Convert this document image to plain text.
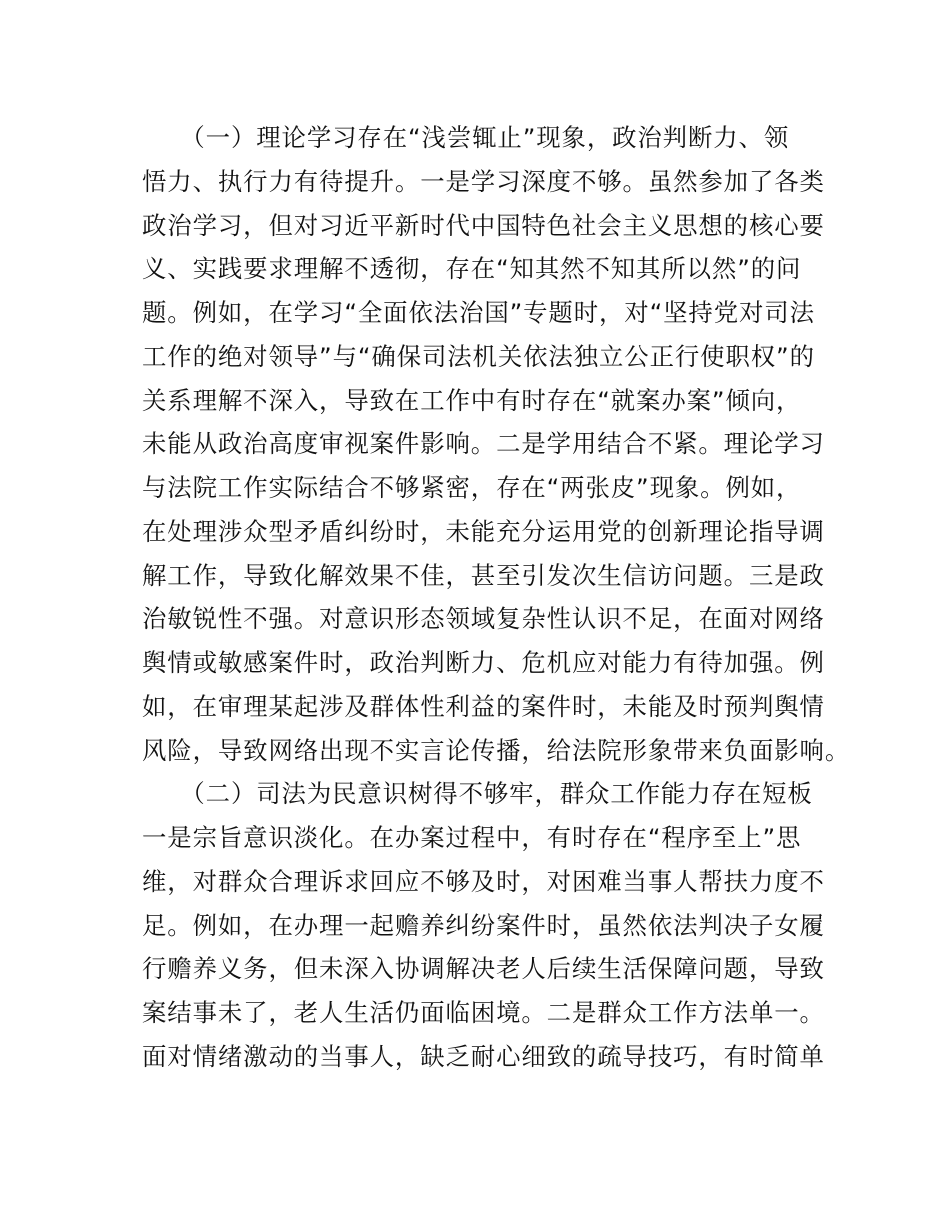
　　（一）理论学习存在“浅尝辄止”现象，政治判断力、领
悟力、执行力有待提升。一是学习深度不够。虽然参加了各类
政治学习，但对习近平新时代中国特色社会主义思想的核心要
义、实践要求理解不透彻，存在“知其然不知其所以然”的问
题。例如，在学习“全面依法治国”专题时，对“坚持党对司法
工作的绝对领导”与“确保司法机关依法独立公正行使职权”的
关系理解不深入，导致在工作中有时存在“就案办案”倾向，
未能从政治高度审视案件影响。二是学用结合不紧。理论学习
与法院工作实际结合不够紧密，存在“两张皮”现象。例如，
在处理涉众型矛盾纠纷时，未能充分运用党的创新理论指导调
解工作，导致化解效果不佳，甚至引发次生信访问题。三是政
治敏锐性不强。对意识形态领域复杂性认识不足，在面对网络
舆情或敏感案件时，政治判断力、危机应对能力有待加强。例
如，在审理某起涉及群体性利益的案件时，未能及时预判舆情
风险，导致网络出现不实言论传播，给法院形象带来负面影响。
　　（二）司法为民意识树得不够牢，群众工作能力存在短板
一是宗旨意识淡化。在办案过程中，有时存在“程序至上”思
维，对群众合理诉求回应不够及时，对困难当事人帮扶力度不
足。例如，在办理一起赡养纠纷案件时，虽然依法判决子女履
行赡养义务，但未深入协调解决老人后续生活保障问题，导致
案结事未了，老人生活仍面临困境。二是群众工作方法单一。
面对情绪激动的当事人，缺乏耐心细致的疏导技巧，有时简单
